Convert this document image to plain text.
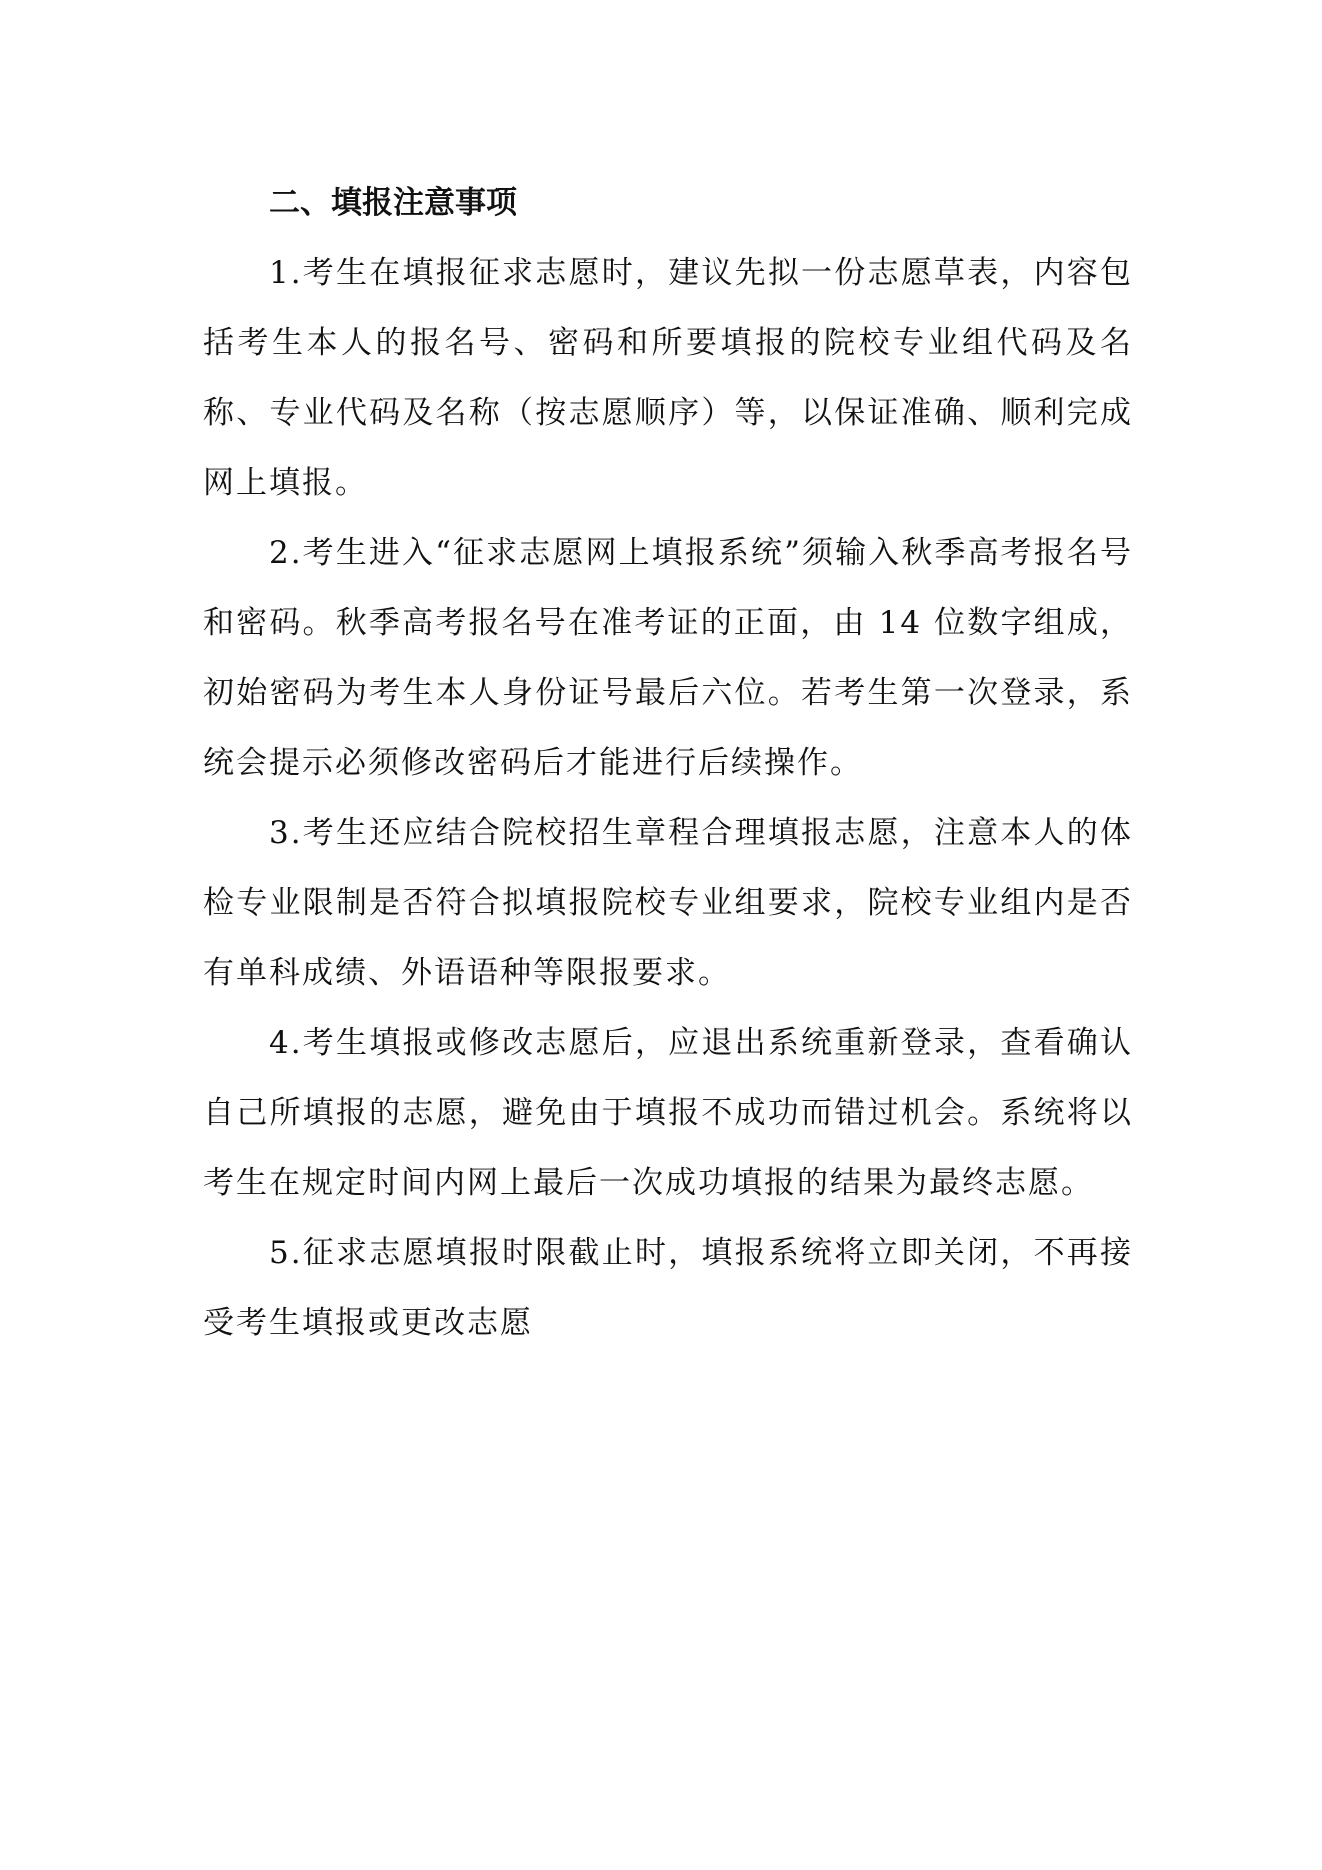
二、填报注意事项

1.考生在填报征求志愿时，建议先拟一份志愿草表，内容包括考生本人的报名号、密码和所要填报的院校专业组代码及名称、专业代码及名称（按志愿顺序）等，以保证准确、顺利完成网上填报。

2.考生进入“征求志愿网上填报系统”须输入秋季高考报名号和密码。秋季高考报名号在准考证的正面，由 14 位数字组成，初始密码为考生本人身份证号最后六位。若考生第一次登录，系统会提示必须修改密码后才能进行后续操作。

3.考生还应结合院校招生章程合理填报志愿，注意本人的体检专业限制是否符合拟填报院校专业组要求，院校专业组内是否有单科成绩、外语语种等限报要求。

4.考生填报或修改志愿后，应退出系统重新登录，查看确认自己所填报的志愿，避免由于填报不成功而错过机会。系统将以考生在规定时间内网上最后一次成功填报的结果为最终志愿。

5.征求志愿填报时限截止时，填报系统将立即关闭，不再接受考生填报或更改志愿
